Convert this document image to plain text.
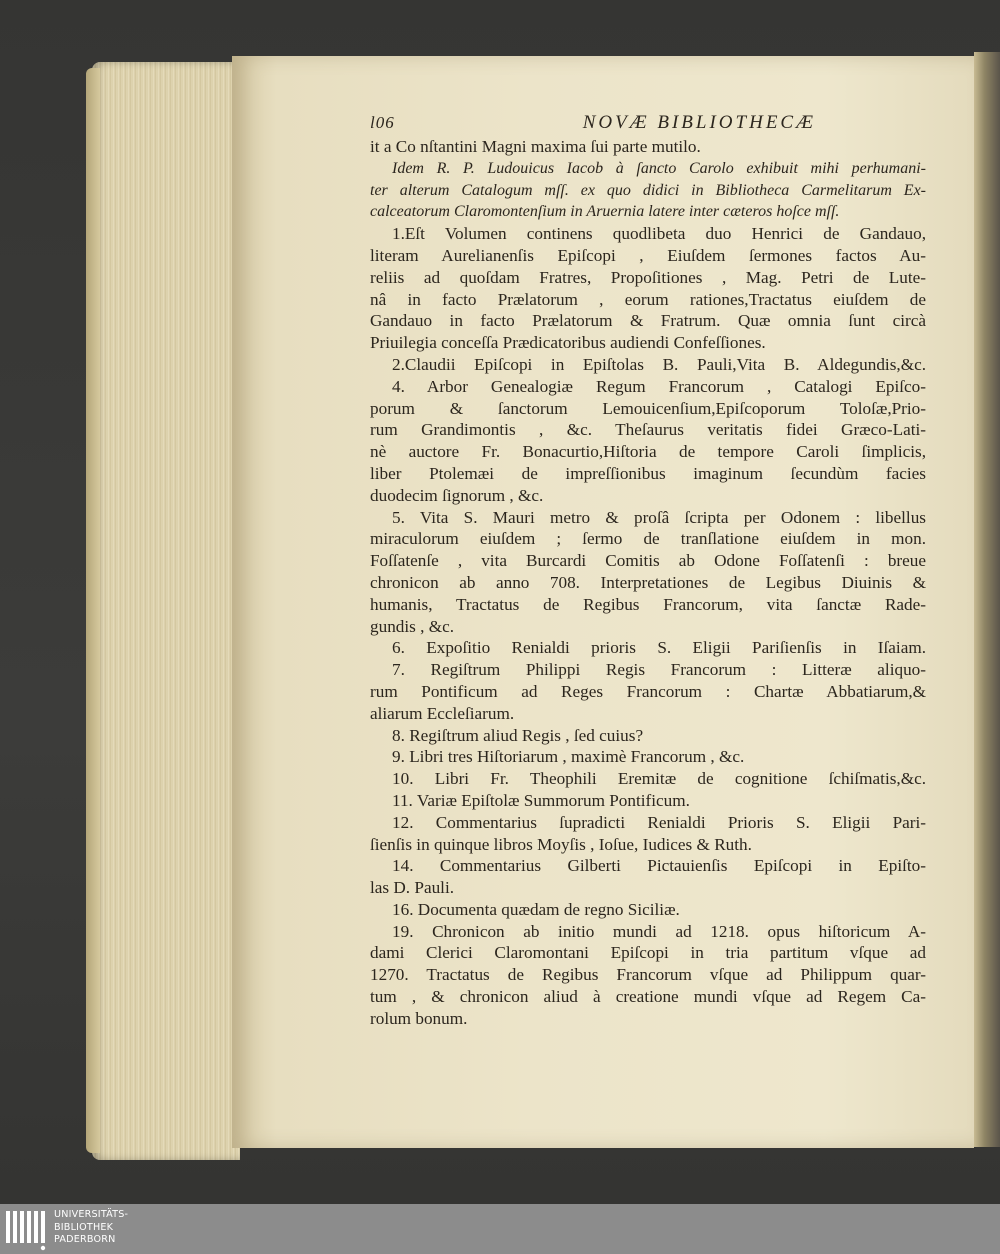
Ɩ06	NOVÆ BIBLIOTHECÆ
it a Co nſtantini Magni maxima ſui parte mutilo.
Idem R. P. Ludouicus Iacob à ſancto Carolo exhibuit mihi perhumani-
ter alterum Catalogum mſſ. ex quo didici in Bibliotheca Carmelitarum Ex-
calceatorum Claromontenſium in Aruernia latere inter cæteros hoſce mſſ.
1.Eſt Volumen continens quodlibeta duo Henrici de Gandauo,
literam Aurelianenſis Epiſcopi , Eiuſdem ſermones factos Au-
reliis ad quoſdam Fratres, Propoſitiones , Mag. Petri de Lute-
nâ in facto Prælatorum , eorum rationes,Tractatus eiuſdem de
Gandauo in facto Prælatorum & Fratrum. Quæ omnia ſunt circà
Priuilegia conceſſa Prædicatoribus audiendi Confeſſiones.
2.Claudii Epiſcopi in Epiſtolas B. Pauli,Vita B. Aldegundis,&c.
4. Arbor Genealogiæ Regum Francorum , Catalogi Epiſco-
porum & ſanctorum Lemouicenſium,Epiſcoporum Toloſæ,Prio-
rum Grandimontis , &c. Theſaurus veritatis fidei Græco-Lati-
nè auctore Fr. Bonacurtio,Hiſtoria de tempore Caroli ſimplicis,
liber Ptolemæi de impreſſionibus imaginum ſecundùm facies
duodecim ſignorum , &c.
5. Vita S. Mauri metro & proſâ ſcripta per Odonem : libellus
miraculorum eiuſdem ; ſermo de tranſlatione eiuſdem in mon.
Foſſatenſe , vita Burcardi Comitis ab Odone Foſſatenſi : breue
chronicon ab anno 708. Interpretationes de Legibus Diuinis &
humanis, Tractatus de Regibus Francorum, vita ſanctæ Rade-
gundis , &c.
6. Expoſitio Renialdi prioris S. Eligii Pariſienſis in Iſaiam.
7. Regiſtrum Philippi Regis Francorum : Litteræ aliquo-
rum Pontificum ad Reges Francorum : Chartæ Abbatiarum,&
aliarum Eccleſiarum.
8. Regiſtrum aliud Regis , ſed cuius?
9. Libri tres Hiſtoriarum , maximè Francorum , &c.
10. Libri Fr. Theophili Eremitæ de cognitione ſchiſmatis,&c.
11. Variæ Epiſtolæ Summorum Pontificum.
12. Commentarius ſupradicti Renialdi Prioris S. Eligii Pari-
ſienſis in quinque libros Moyſis , Ioſue, Iudices & Ruth.
14. Commentarius Gilberti Pictauienſis Epiſcopi in Epiſto-
las D. Pauli.
16. Documenta quædam de regno Siciliæ.
19. Chronicon ab initio mundi ad 1218. opus hiſtoricum A-
dami Clerici Claromontani Epiſcopi in tria partitum vſque ad
1270. Tractatus de Regibus Francorum vſque ad Philippum quar-
tum , & chronicon aliud à creatione mundi vſque ad Regem Ca-
rolum bonum.
UNIVERSITÄTS-
BIBLIOTHEK
PADERBORN
